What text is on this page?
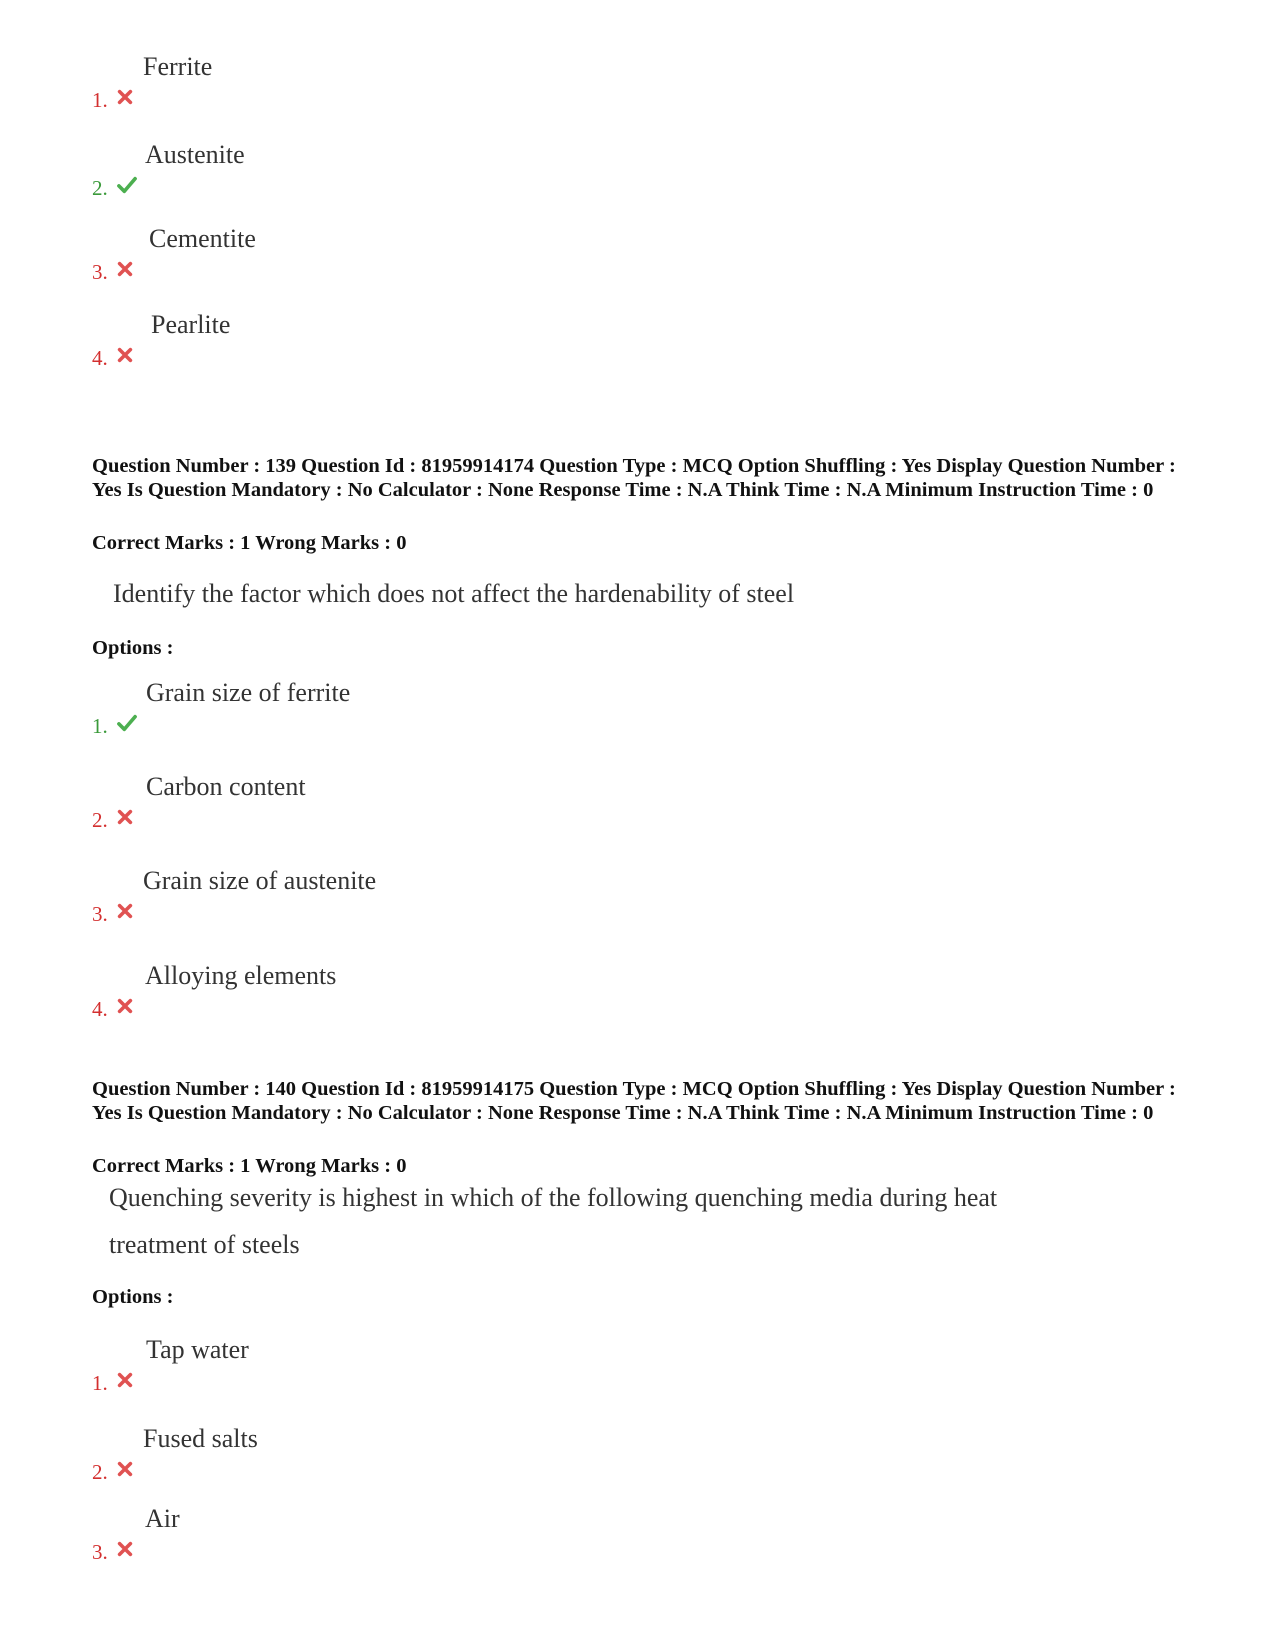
1.
Ferrite
2.
Austenite
3.
Cementite
4.
Pearlite
Question Number : 139 Question Id : 81959914174 Question Type : MCQ Option Shuffling : Yes Display Question Number : Yes Is Question Mandatory : No Calculator : None Response Time : N.A Think Time : N.A Minimum Instruction Time : 0
Correct Marks : 1 Wrong Marks : 0
Identify the factor which does not affect the hardenability of steel
Options :
1.
Grain size of ferrite
2.
Carbon content
3.
Grain size of austenite
4.
Alloying elements
Question Number : 140 Question Id : 81959914175 Question Type : MCQ Option Shuffling : Yes Display Question Number : Yes Is Question Mandatory : No Calculator : None Response Time : N.A Think Time : N.A Minimum Instruction Time : 0
Correct Marks : 1 Wrong Marks : 0
Quenching severity is highest in which of the following quenching media during heat
treatment of steels
Options :
1.
Tap water
2.
Fused salts
3.
Air
